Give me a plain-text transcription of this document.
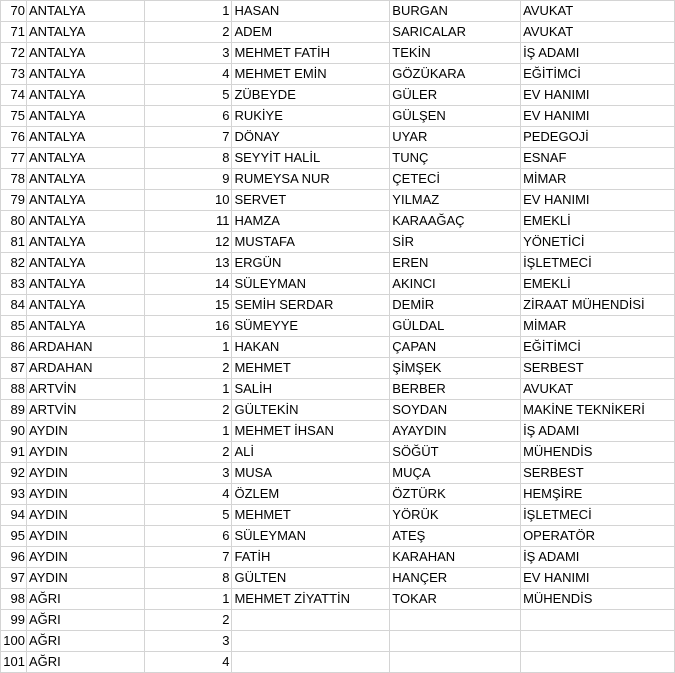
70	ANTALYA	1	HASAN	BURGAN	AVUKAT
71	ANTALYA	2	ADEM	SARICALAR	AVUKAT
72	ANTALYA	3	MEHMET FATİH	TEKİN	İŞ ADAMI
73	ANTALYA	4	MEHMET EMİN	GÖZÜKARA	EĞİTİMCİ
74	ANTALYA	5	ZÜBEYDE	GÜLER	EV HANIMI
75	ANTALYA	6	RUKİYE	GÜLŞEN	EV HANIMI
76	ANTALYA	7	DÖNAY	UYAR	PEDEGOJİ
77	ANTALYA	8	SEYYİT HALİL	TUNÇ	ESNAF
78	ANTALYA	9	RUMEYSA NUR	ÇETECİ	MİMAR
79	ANTALYA	10	SERVET	YILMAZ	EV HANIMI
80	ANTALYA	11	HAMZA	KARAAĞAÇ	EMEKLİ
81	ANTALYA	12	MUSTAFA	SİR	YÖNETİCİ
82	ANTALYA	13	ERGÜN	EREN	İŞLETMECİ
83	ANTALYA	14	SÜLEYMAN	AKINCI	EMEKLİ
84	ANTALYA	15	SEMİH SERDAR	DEMİR	ZİRAAT MÜHENDİSİ
85	ANTALYA	16	SÜMEYYE	GÜLDAL	MİMAR
86	ARDAHAN	1	HAKAN	ÇAPAN	EĞİTİMCİ
87	ARDAHAN	2	MEHMET	ŞİMŞEK	SERBEST
88	ARTVİN	1	SALİH	BERBER	AVUKAT
89	ARTVİN	2	GÜLTEKİN	SOYDAN	MAKİNE TEKNİKERİ
90	AYDIN	1	MEHMET İHSAN	AYAYDIN	İŞ ADAMI
91	AYDIN	2	ALİ	SÖĞÜT	MÜHENDİS
92	AYDIN	3	MUSA	MUÇA	SERBEST
93	AYDIN	4	ÖZLEM	ÖZTÜRK	HEMŞİRE
94	AYDIN	5	MEHMET	YÖRÜK	İŞLETMECİ
95	AYDIN	6	SÜLEYMAN	ATEŞ	OPERATÖR
96	AYDIN	7	FATİH	KARAHAN	İŞ ADAMI
97	AYDIN	8	GÜLTEN	HANÇER	EV HANIMI
98	AĞRI	1	MEHMET ZİYATTİN	TOKAR	MÜHENDİS
99	AĞRI	2			
100	AĞRI	3			
101	AĞRI	4			
